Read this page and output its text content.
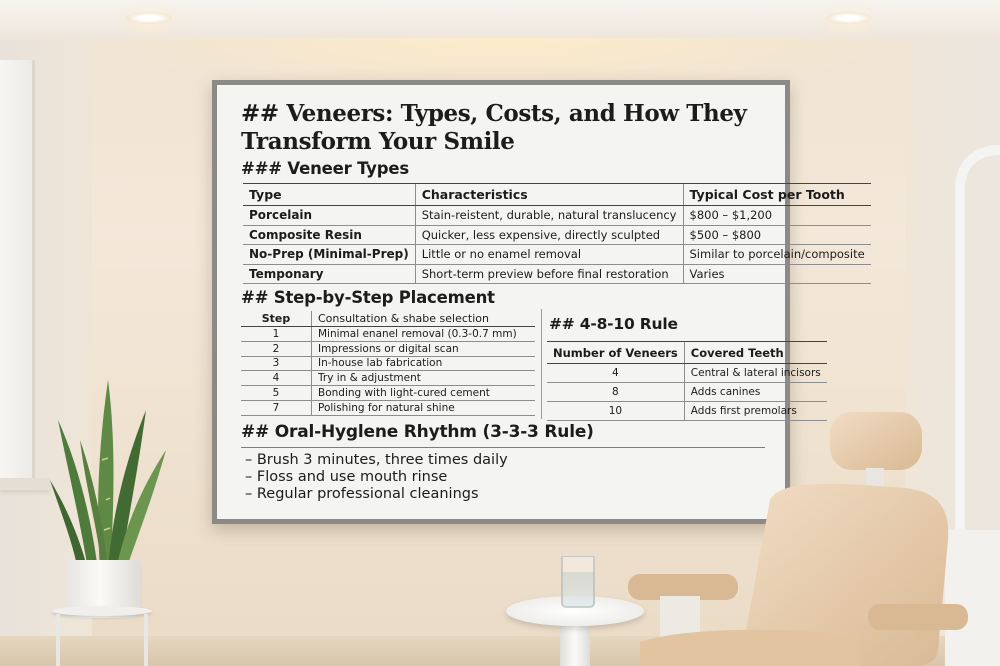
## Veneers: Types, Costs, and How They Transform Your Smile
### Veneer Types
Type	Characteristics	Typical Cost per Tooth
Porcelain	Stain-reistent, durable, natural translucency	$800 – $1,200
Composite Resin	Quicker, less expensive, directly sculpted	$500 – $800
No-Prep (Minimal-Prep)	Little or no enamel removal	Similar to porcelain/composite
Temponary	Short-term preview before final restoration	Varies
## Step-by-Step Placement
Step	Consultation & shabe selection
1	Minimal enanel removal (0.3-0.7 mm)
2	Impressions or digital scan
3	In-house lab fabrication
4	Try in & adjustment
5	Bonding with light-cured cement
7	Polishing for natural shine
## 4-8-10 Rule
Number of Veneers	Covered Teeth
4	Central & lateral incisors
8	Adds canines
10	Adds first premolars
## Oral-Hyglene Rhythm (3-3-3 Rule)
– Brush 3 minutes, three times daily
– Floss and use mouth rinse
– Regular professional cleanings
